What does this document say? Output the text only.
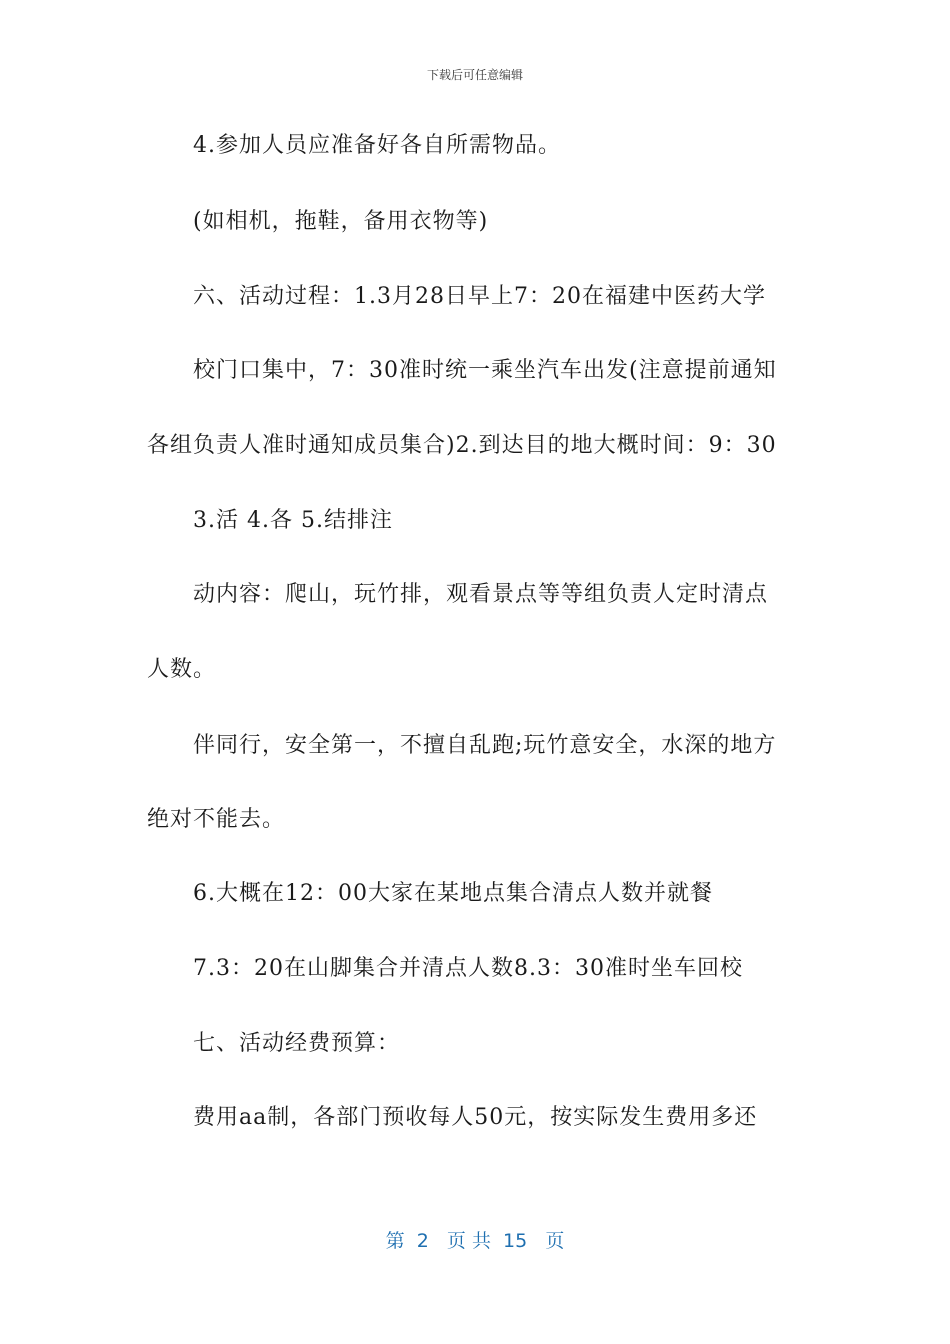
下载后可任意编辑
4.参加人员应准备好各自所需物品。
(如相机，拖鞋，备用衣物等)
六、活动过程：1.3月28日早上7：20在福建中医药大学
校门口集中，7：30准时统一乘坐汽车出发(注意提前通知
各组负责人准时通知成员集合)2.到达目的地大概时间：9：30
3.活 4.各 5.结排注
动内容：爬山，玩竹排，观看景点等等组负责人定时清点
人数。
伴同行，安全第一，不擅自乱跑;玩竹意安全，水深的地方
绝对不能去。
6.大概在12：00大家在某地点集合清点人数并就餐
7.3：20在山脚集合并清点人数8.3：30准时坐车回校
七、活动经费预算：
费用aa制，各部门预收每人50元，按实际发生费用多还
第  2   页 共  15   页
